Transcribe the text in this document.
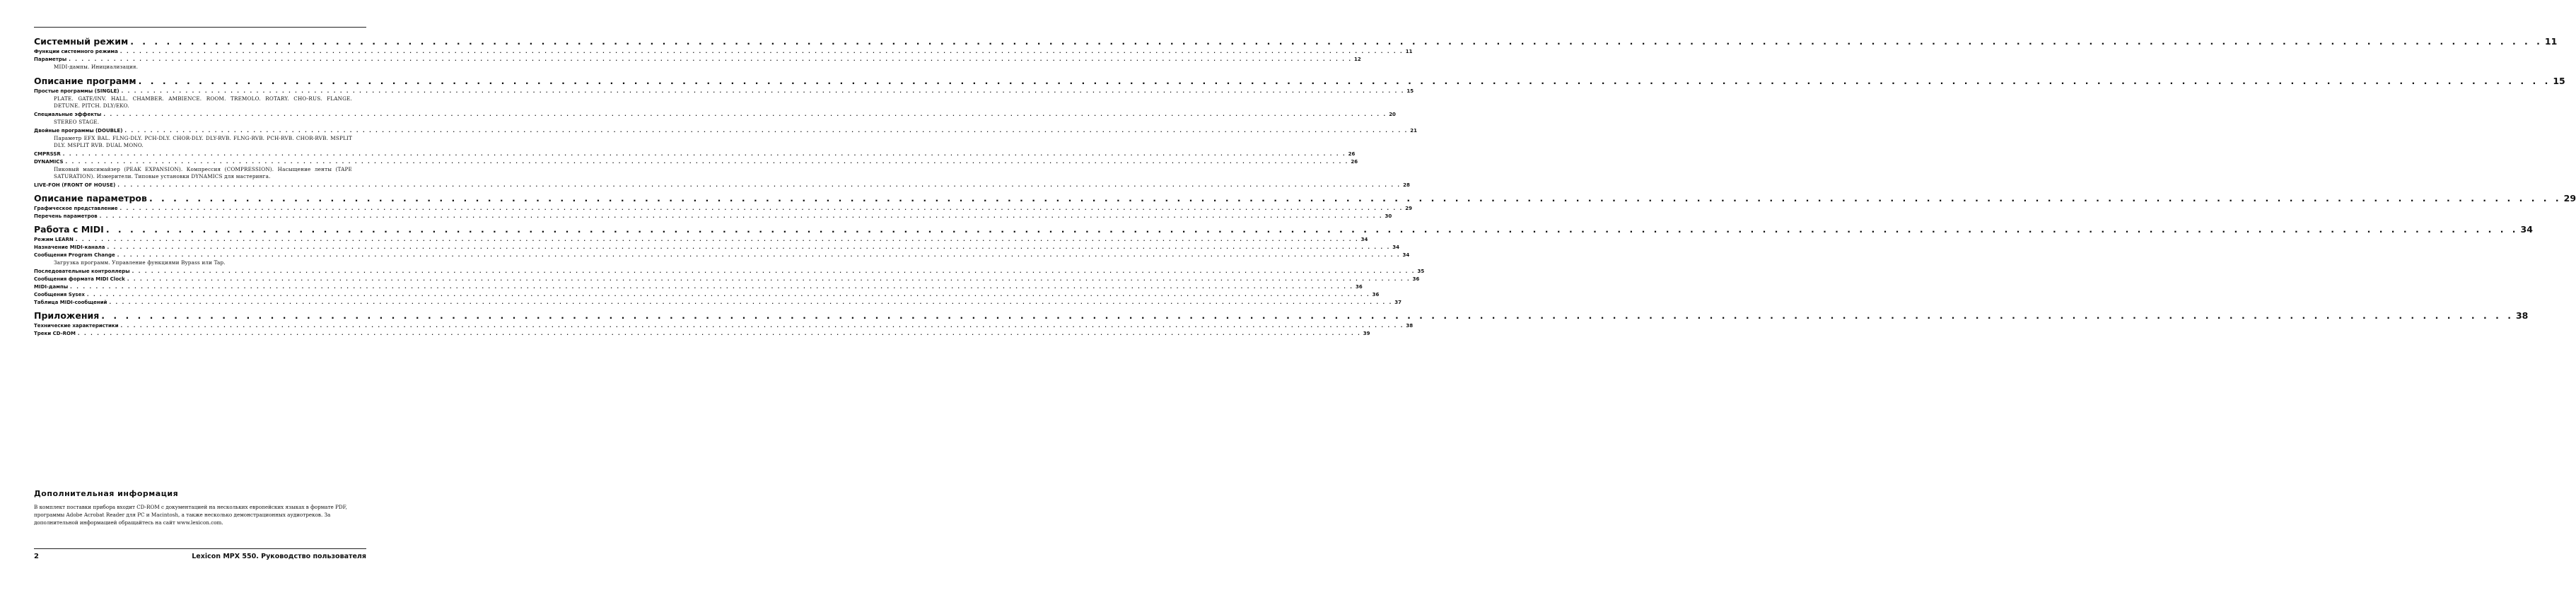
Системный режим . . . . . . . . . . . . . . . . . . . . . . . . . . . . . . . . . . . . . . . . . . . . . . . . . . . . . . . . . . . . . . . . . . . . . . . . . . . . . . . . . . . . . . . . . . . . . . . . . . . . . . . . . . . . . . . . . . . . . . . . . . . . . . . . . . . . . . . . . . . . . . . . . . . . . . . . . . . . . . . . . . . . . . . . . . . . . . . . . . . . . . . . . . . . . . . . . . . . . . . . 11
Функции системного режима . . . . . . . . . . . . . . . . . . . . . . . . . . . . . . . . . . . . . . . . . . . . . . . . . . . . . . . . . . . . . . . . . . . . . . . . . . . . . . . . . . . . . . . . . . . . . . . . . . . . . . . . . . . . . . . . . . . . . . . . . . . . . . . . . . . . . . . . . . . . . . . . . . . . . . . . . . . . . . . . . . . . . . . . . . . . . . . . . . . . . . . . . . . . . . . . . . . . . . . . 11
Параметры . . . . . . . . . . . . . . . . . . . . . . . . . . . . . . . . . . . . . . . . . . . . . . . . . . . . . . . . . . . . . . . . . . . . . . . . . . . . . . . . . . . . . . . . . . . . . . . . . . . . . . . . . . . . . . . . . . . . . . . . . . . . . . . . . . . . . . . . . . . . . . . . . . . . . . . . . . . . . . . . . . . . . . . . . . . . . . . . . . . . . . . . . . . . . . . . . . . . . . . . 12
MIDI-дампы. Инициализация.
Описание программ . . . . . . . . . . . . . . . . . . . . . . . . . . . . . . . . . . . . . . . . . . . . . . . . . . . . . . . . . . . . . . . . . . . . . . . . . . . . . . . . . . . . . . . . . . . . . . . . . . . . . . . . . . . . . . . . . . . . . . . . . . . . . . . . . . . . . . . . . . . . . . . . . . . . . . . . . . . . . . . . . . . . . . . . . . . . . . . . . . . . . . . . . . . . . . . . . . . . . . . . 15
Простые программы (SINGLE) . . . . . . . . . . . . . . . . . . . . . . . . . . . . . . . . . . . . . . . . . . . . . . . . . . . . . . . . . . . . . . . . . . . . . . . . . . . . . . . . . . . . . . . . . . . . . . . . . . . . . . . . . . . . . . . . . . . . . . . . . . . . . . . . . . . . . . . . . . . . . . . . . . . . . . . . . . . . . . . . . . . . . . . . . . . . . . . . . . . . . . . . . . . . . . . . . . . . . . . . 15
PLATE. GATE/INV. HALL. CHAMBER. AMBIENCE. ROOM. TREMOLO. ROTARY. CHO-RUS. FLANGE. DETUNE. PITCH. DLY/EKO.
Специальные эффекты . . . . . . . . . . . . . . . . . . . . . . . . . . . . . . . . . . . . . . . . . . . . . . . . . . . . . . . . . . . . . . . . . . . . . . . . . . . . . . . . . . . . . . . . . . . . . . . . . . . . . . . . . . . . . . . . . . . . . . . . . . . . . . . . . . . . . . . . . . . . . . . . . . . . . . . . . . . . . . . . . . . . . . . . . . . . . . . . . . . . . . . . . . . . . . . . . . . . . . . . 20
STEREO STAGE.
Двойные программы (DOUBLE) . . . . . . . . . . . . . . . . . . . . . . . . . . . . . . . . . . . . . . . . . . . . . . . . . . . . . . . . . . . . . . . . . . . . . . . . . . . . . . . . . . . . . . . . . . . . . . . . . . . . . . . . . . . . . . . . . . . . . . . . . . . . . . . . . . . . . . . . . . . . . . . . . . . . . . . . . . . . . . . . . . . . . . . . . . . . . . . . . . . . . . . . . . . . . . . . . . . . . . . . 21
Параметр EFX BAL. FLNG-DLY. PCH-DLY. CHOR-DLY. DLY-RVB. FLNG-RVB. PCH-RVB. CHOR-RVB. MSPLIT DLY. MSPLIT RVB. DUAL MONO.
CMPRSSR . . . . . . . . . . . . . . . . . . . . . . . . . . . . . . . . . . . . . . . . . . . . . . . . . . . . . . . . . . . . . . . . . . . . . . . . . . . . . . . . . . . . . . . . . . . . . . . . . . . . . . . . . . . . . . . . . . . . . . . . . . . . . . . . . . . . . . . . . . . . . . . . . . . . . . . . . . . . . . . . . . . . . . . . . . . . . . . . . . . . . . . . . . . . . . . . . . . . . . . . 26
DYNAMICS . . . . . . . . . . . . . . . . . . . . . . . . . . . . . . . . . . . . . . . . . . . . . . . . . . . . . . . . . . . . . . . . . . . . . . . . . . . . . . . . . . . . . . . . . . . . . . . . . . . . . . . . . . . . . . . . . . . . . . . . . . . . . . . . . . . . . . . . . . . . . . . . . . . . . . . . . . . . . . . . . . . . . . . . . . . . . . . . . . . . . . . . . . . . . . . . . . . . . . . . 26
Пиковый максимайзер (PEAK EXPANSION). Компрессия (COMPRESSION). Насыщение ленты (TAPE SATURATION). Измерители. Типовые установки DYNAMICS для мастеринга.
LIVE-FOH (FRONT OF HOUSE) . . . . . . . . . . . . . . . . . . . . . . . . . . . . . . . . . . . . . . . . . . . . . . . . . . . . . . . . . . . . . . . . . . . . . . . . . . . . . . . . . . . . . . . . . . . . . . . . . . . . . . . . . . . . . . . . . . . . . . . . . . . . . . . . . . . . . . . . . . . . . . . . . . . . . . . . . . . . . . . . . . . . . . . . . . . . . . . . . . . . . . . . . . . . . . . . . . . . . . . . 28
Описание параметров . . . . . . . . . . . . . . . . . . . . . . . . . . . . . . . . . . . . . . . . . . . . . . . . . . . . . . . . . . . . . . . . . . . . . . . . . . . . . . . . . . . . . . . . . . . . . . . . . . . . . . . . . . . . . . . . . . . . . . . . . . . . . . . . . . . . . . . . . . . . . . . . . . . . . . . . . . . . . . . . . . . . . . . . . . . . . . . . . . . . . . . . . . . . . . . . . . . . . . . . 29
Графическое представление . . . . . . . . . . . . . . . . . . . . . . . . . . . . . . . . . . . . . . . . . . . . . . . . . . . . . . . . . . . . . . . . . . . . . . . . . . . . . . . . . . . . . . . . . . . . . . . . . . . . . . . . . . . . . . . . . . . . . . . . . . . . . . . . . . . . . . . . . . . . . . . . . . . . . . . . . . . . . . . . . . . . . . . . . . . . . . . . . . . . . . . . . . . . . . . . . . . . . . . . 29
Перечень параметров . . . . . . . . . . . . . . . . . . . . . . . . . . . . . . . . . . . . . . . . . . . . . . . . . . . . . . . . . . . . . . . . . . . . . . . . . . . . . . . . . . . . . . . . . . . . . . . . . . . . . . . . . . . . . . . . . . . . . . . . . . . . . . . . . . . . . . . . . . . . . . . . . . . . . . . . . . . . . . . . . . . . . . . . . . . . . . . . . . . . . . . . . . . . . . . . . . . . . . . . 30
Работа с MIDI . . . . . . . . . . . . . . . . . . . . . . . . . . . . . . . . . . . . . . . . . . . . . . . . . . . . . . . . . . . . . . . . . . . . . . . . . . . . . . . . . . . . . . . . . . . . . . . . . . . . . . . . . . . . . . . . . . . . . . . . . . . . . . . . . . . . . . . . . . . . . . . . . . . . . . . . . . . . . . . . . . . . . . . . . . . . . . . . . . . . . . . . . . . . . . . . . . . . . . . . 34
Режим LEARN . . . . . . . . . . . . . . . . . . . . . . . . . . . . . . . . . . . . . . . . . . . . . . . . . . . . . . . . . . . . . . . . . . . . . . . . . . . . . . . . . . . . . . . . . . . . . . . . . . . . . . . . . . . . . . . . . . . . . . . . . . . . . . . . . . . . . . . . . . . . . . . . . . . . . . . . . . . . . . . . . . . . . . . . . . . . . . . . . . . . . . . . . . . . . . . . . . . . . . . . 34
Назначение MIDI-канала . . . . . . . . . . . . . . . . . . . . . . . . . . . . . . . . . . . . . . . . . . . . . . . . . . . . . . . . . . . . . . . . . . . . . . . . . . . . . . . . . . . . . . . . . . . . . . . . . . . . . . . . . . . . . . . . . . . . . . . . . . . . . . . . . . . . . . . . . . . . . . . . . . . . . . . . . . . . . . . . . . . . . . . . . . . . . . . . . . . . . . . . . . . . . . . . . . . . . . . . 34
Сообщения Program Change . . . . . . . . . . . . . . . . . . . . . . . . . . . . . . . . . . . . . . . . . . . . . . . . . . . . . . . . . . . . . . . . . . . . . . . . . . . . . . . . . . . . . . . . . . . . . . . . . . . . . . . . . . . . . . . . . . . . . . . . . . . . . . . . . . . . . . . . . . . . . . . . . . . . . . . . . . . . . . . . . . . . . . . . . . . . . . . . . . . . . . . . . . . . . . . . . . . . . . . . 34
Загрузка программ. Управление функциями Bypass или Tap.
Последовательные контроллеры . . . . . . . . . . . . . . . . . . . . . . . . . . . . . . . . . . . . . . . . . . . . . . . . . . . . . . . . . . . . . . . . . . . . . . . . . . . . . . . . . . . . . . . . . . . . . . . . . . . . . . . . . . . . . . . . . . . . . . . . . . . . . . . . . . . . . . . . . . . . . . . . . . . . . . . . . . . . . . . . . . . . . . . . . . . . . . . . . . . . . . . . . . . . . . . . . . . . . . . . 35
Сообщения формата MIDI Clock . . . . . . . . . . . . . . . . . . . . . . . . . . . . . . . . . . . . . . . . . . . . . . . . . . . . . . . . . . . . . . . . . . . . . . . . . . . . . . . . . . . . . . . . . . . . . . . . . . . . . . . . . . . . . . . . . . . . . . . . . . . . . . . . . . . . . . . . . . . . . . . . . . . . . . . . . . . . . . . . . . . . . . . . . . . . . . . . . . . . . . . . . . . . . . . . . . . . . . . . 36
MIDI-дампы . . . . . . . . . . . . . . . . . . . . . . . . . . . . . . . . . . . . . . . . . . . . . . . . . . . . . . . . . . . . . . . . . . . . . . . . . . . . . . . . . . . . . . . . . . . . . . . . . . . . . . . . . . . . . . . . . . . . . . . . . . . . . . . . . . . . . . . . . . . . . . . . . . . . . . . . . . . . . . . . . . . . . . . . . . . . . . . . . . . . . . . . . . . . . . . . . . . . . . . . 36
Сообщения Sysex . . . . . . . . . . . . . . . . . . . . . . . . . . . . . . . . . . . . . . . . . . . . . . . . . . . . . . . . . . . . . . . . . . . . . . . . . . . . . . . . . . . . . . . . . . . . . . . . . . . . . . . . . . . . . . . . . . . . . . . . . . . . . . . . . . . . . . . . . . . . . . . . . . . . . . . . . . . . . . . . . . . . . . . . . . . . . . . . . . . . . . . . . . . . . . . . . . . . . . . . 36
Таблица MIDI-сообщений . . . . . . . . . . . . . . . . . . . . . . . . . . . . . . . . . . . . . . . . . . . . . . . . . . . . . . . . . . . . . . . . . . . . . . . . . . . . . . . . . . . . . . . . . . . . . . . . . . . . . . . . . . . . . . . . . . . . . . . . . . . . . . . . . . . . . . . . . . . . . . . . . . . . . . . . . . . . . . . . . . . . . . . . . . . . . . . . . . . . . . . . . . . . . . . . . . . . . . . . 37
Приложения . . . . . . . . . . . . . . . . . . . . . . . . . . . . . . . . . . . . . . . . . . . . . . . . . . . . . . . . . . . . . . . . . . . . . . . . . . . . . . . . . . . . . . . . . . . . . . . . . . . . . . . . . . . . . . . . . . . . . . . . . . . . . . . . . . . . . . . . . . . . . . . . . . . . . . . . . . . . . . . . . . . . . . . . . . . . . . . . . . . . . . . . . . . . . . . . . . . . . . . . 38
Технические характеристики . . . . . . . . . . . . . . . . . . . . . . . . . . . . . . . . . . . . . . . . . . . . . . . . . . . . . . . . . . . . . . . . . . . . . . . . . . . . . . . . . . . . . . . . . . . . . . . . . . . . . . . . . . . . . . . . . . . . . . . . . . . . . . . . . . . . . . . . . . . . . . . . . . . . . . . . . . . . . . . . . . . . . . . . . . . . . . . . . . . . . . . . . . . . . . . . . . . . . . . . 38
Треки CD-ROM . . . . . . . . . . . . . . . . . . . . . . . . . . . . . . . . . . . . . . . . . . . . . . . . . . . . . . . . . . . . . . . . . . . . . . . . . . . . . . . . . . . . . . . . . . . . . . . . . . . . . . . . . . . . . . . . . . . . . . . . . . . . . . . . . . . . . . . . . . . . . . . . . . . . . . . . . . . . . . . . . . . . . . . . . . . . . . . . . . . . . . . . . . . . . . . . . . . . . . . . 39
Дополнительная информация
В комплект поставки прибора входит CD-ROM с документацией на нескольких европейских языках в формате PDF, программы Adobe Acrobat Reader для PC и Macintosh, а также несколько демонстрационных аудиотреков. За дополнительной информацией обращайтесь на сайт www.lexicon.com.
2	Lexicon MPX 550. Руководство пользователя
